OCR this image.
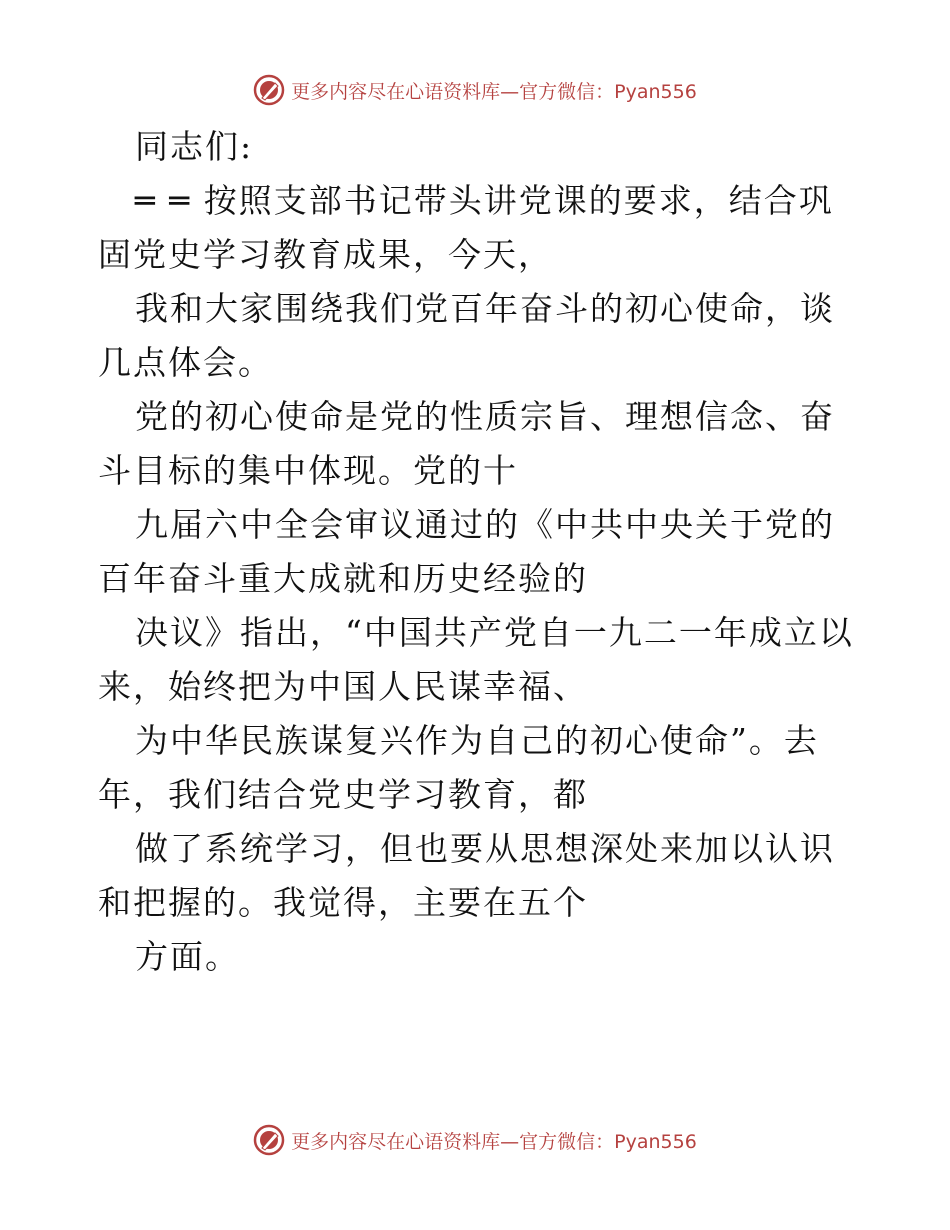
更多内容尽在心语资料库—官方微信：Pyan556

同志们:

═ ═ 按照支部书记带头讲党课的要求，结合巩固党史学习教育成果，今天，

我和大家围绕我们党百年奋斗的初心使命，谈几点体会。

党的初心使命是党的性质宗旨、理想信念、奋斗目标的集中体现。党的十

九届六中全会审议通过的《中共中央关于党的百年奋斗重大成就和历史经验的

决议》指出，“中国共产党自一九二一年成立以来，始终把为中国人民谋幸福、

为中华民族谋复兴作为自己的初心使命”。去年，我们结合党史学习教育，都

做了系统学习，但也要从思想深处来加以认识和把握的。我觉得，主要在五个

方面。

更多内容尽在心语资料库—官方微信：Pyan556
